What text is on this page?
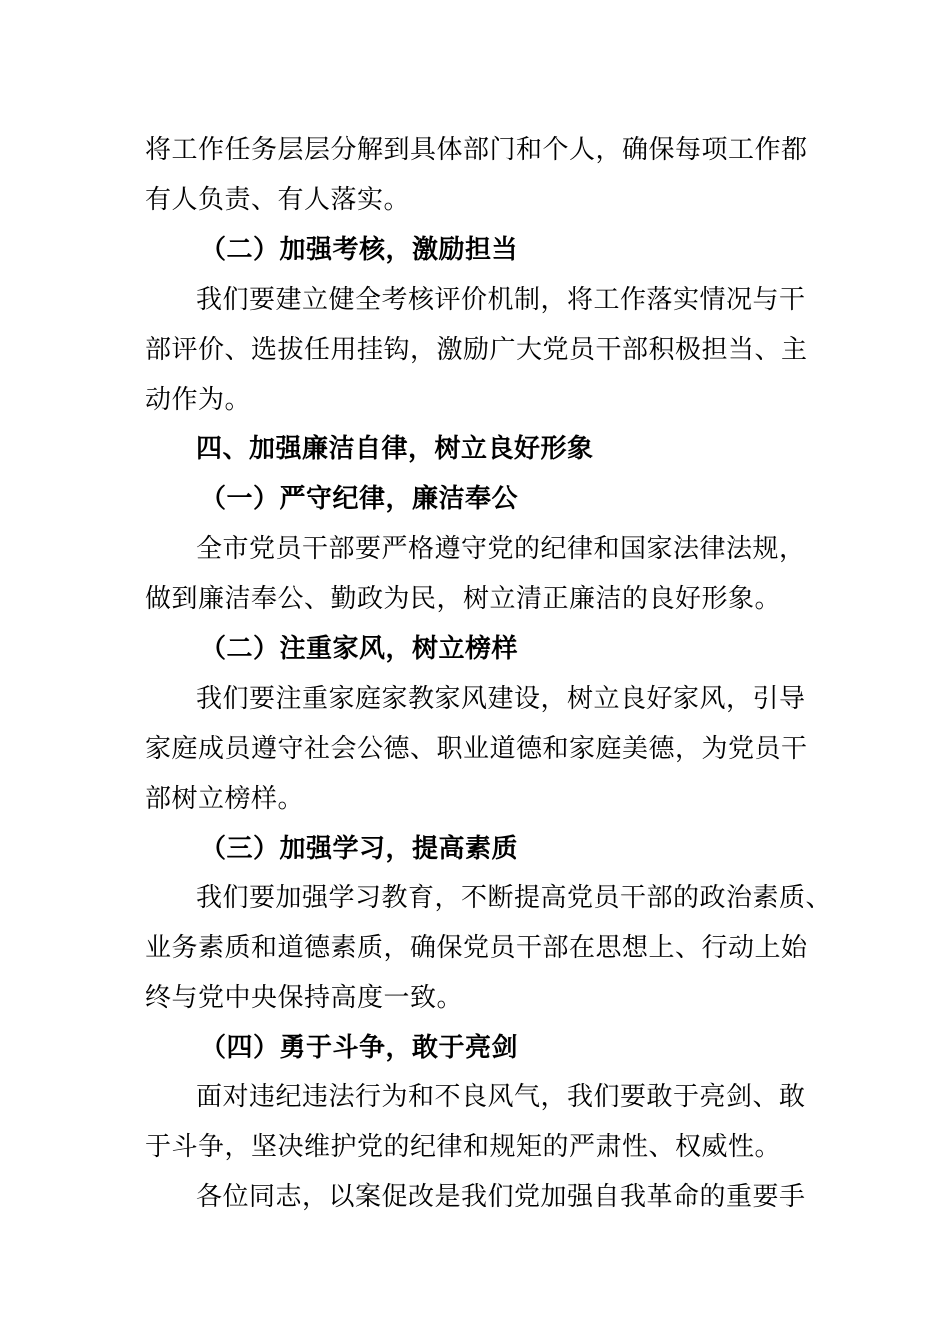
将工作任务层层分解到具体部门和个人，确保每项工作都
有人负责、有人落实。
（二）加强考核，激励担当
我们要建立健全考核评价机制，将工作落实情况与干
部评价、选拔任用挂钩，激励广大党员干部积极担当、主
动作为。
四、加强廉洁自律，树立良好形象
（一）严守纪律，廉洁奉公
全市党员干部要严格遵守党的纪律和国家法律法规，
做到廉洁奉公、勤政为民，树立清正廉洁的良好形象。
（二）注重家风，树立榜样
我们要注重家庭家教家风建设，树立良好家风，引导
家庭成员遵守社会公德、职业道德和家庭美德，为党员干
部树立榜样。
（三）加强学习，提高素质
我们要加强学习教育，不断提高党员干部的政治素质、
业务素质和道德素质，确保党员干部在思想上、行动上始
终与党中央保持高度一致。
（四）勇于斗争，敢于亮剑
面对违纪违法行为和不良风气，我们要敢于亮剑、敢
于斗争，坚决维护党的纪律和规矩的严肃性、权威性。
各位同志，以案促改是我们党加强自我革命的重要手
